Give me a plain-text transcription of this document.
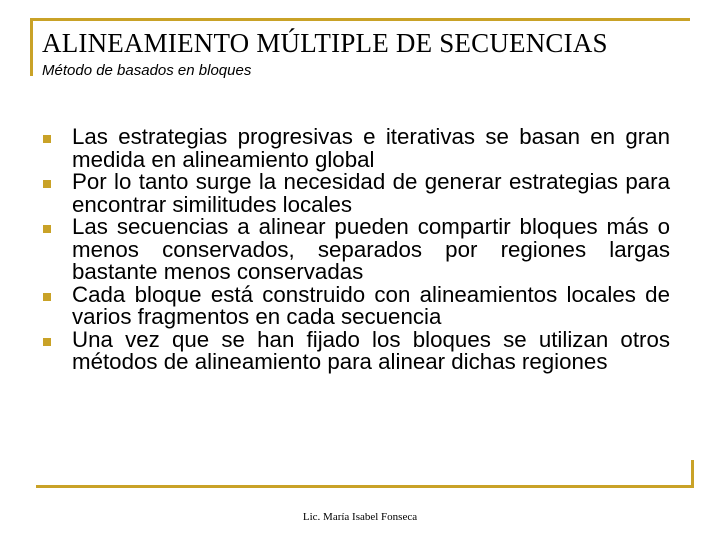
ALINEAMIENTO MÚLTIPLE DE SECUENCIAS

Método de basados en bloques

Las estrategias progresivas e iterativas se basan en gran medida en alineamiento global
Por lo tanto surge la necesidad de generar estrategias para encontrar similitudes locales
Las secuencias a alinear pueden compartir bloques más o menos conservados, separados por regiones largas bastante menos conservadas
Cada bloque está construido con alineamientos locales de varios fragmentos en cada secuencia
Una vez que se han fijado los bloques se utilizan otros métodos de alineamiento para alinear dichas regiones

Lic. María Isabel Fonseca
